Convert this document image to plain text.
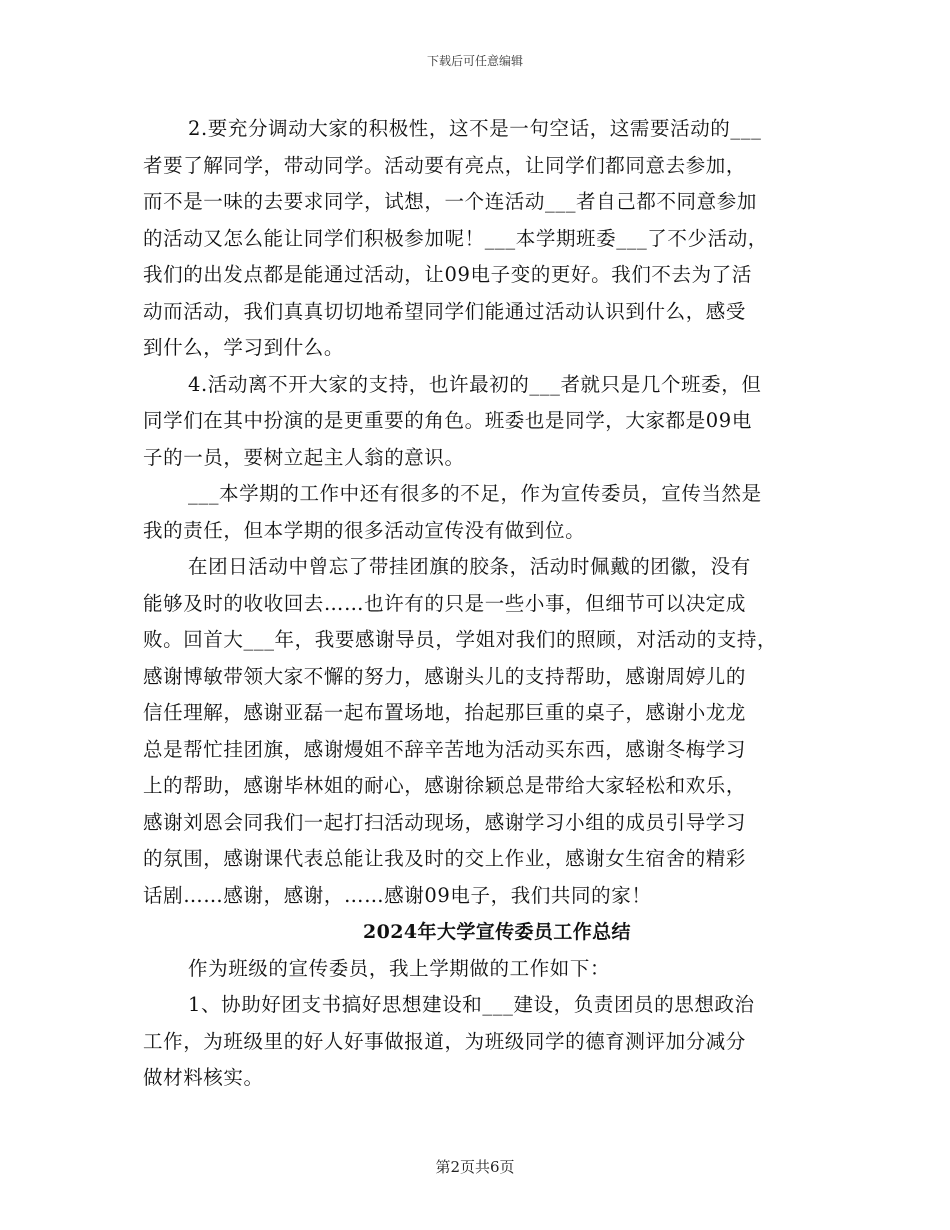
下载后可任意编辑
2.要充分调动大家的积极性，这不是一句空话，这需要活动的___
者要了解同学，带动同学。活动要有亮点，让同学们都同意去参加，
而不是一味的去要求同学，试想，一个连活动___者自己都不同意参加
的活动又怎么能让同学们积极参加呢！___本学期班委___了不少活动，
我们的出发点都是能通过活动，让09电子变的更好。我们不去为了活
动而活动，我们真真切切地希望同学们能通过活动认识到什么，感受
到什么，学习到什么。
4.活动离不开大家的支持，也许最初的___者就只是几个班委，但
同学们在其中扮演的是更重要的角色。班委也是同学，大家都是09电
子的一员，要树立起主人翁的意识。
___本学期的工作中还有很多的不足，作为宣传委员，宣传当然是
我的责任，但本学期的很多活动宣传没有做到位。
在团日活动中曾忘了带挂团旗的胶条，活动时佩戴的团徽，没有
能够及时的收收回去……也许有的只是一些小事，但细节可以决定成
败。回首大___年，我要感谢导员，学姐对我们的照顾，对活动的支持，
感谢博敏带领大家不懈的努力，感谢头儿的支持帮助，感谢周婷儿的
信任理解，感谢亚磊一起布置场地，抬起那巨重的桌子，感谢小龙龙
总是帮忙挂团旗，感谢熳姐不辞辛苦地为活动买东西，感谢冬梅学习
上的帮助，感谢毕林姐的耐心，感谢徐颖总是带给大家轻松和欢乐，
感谢刘恩会同我们一起打扫活动现场，感谢学习小组的成员引导学习
的氛围，感谢课代表总能让我及时的交上作业，感谢女生宿舍的精彩
话剧……感谢，感谢，……感谢09电子，我们共同的家！
2024年大学宣传委员工作总结
作为班级的宣传委员，我上学期做的工作如下：
1、协助好团支书搞好思想建设和___建设，负责团员的思想政治
工作，为班级里的好人好事做报道，为班级同学的德育测评加分减分
做材料核实。
第2页共6页
